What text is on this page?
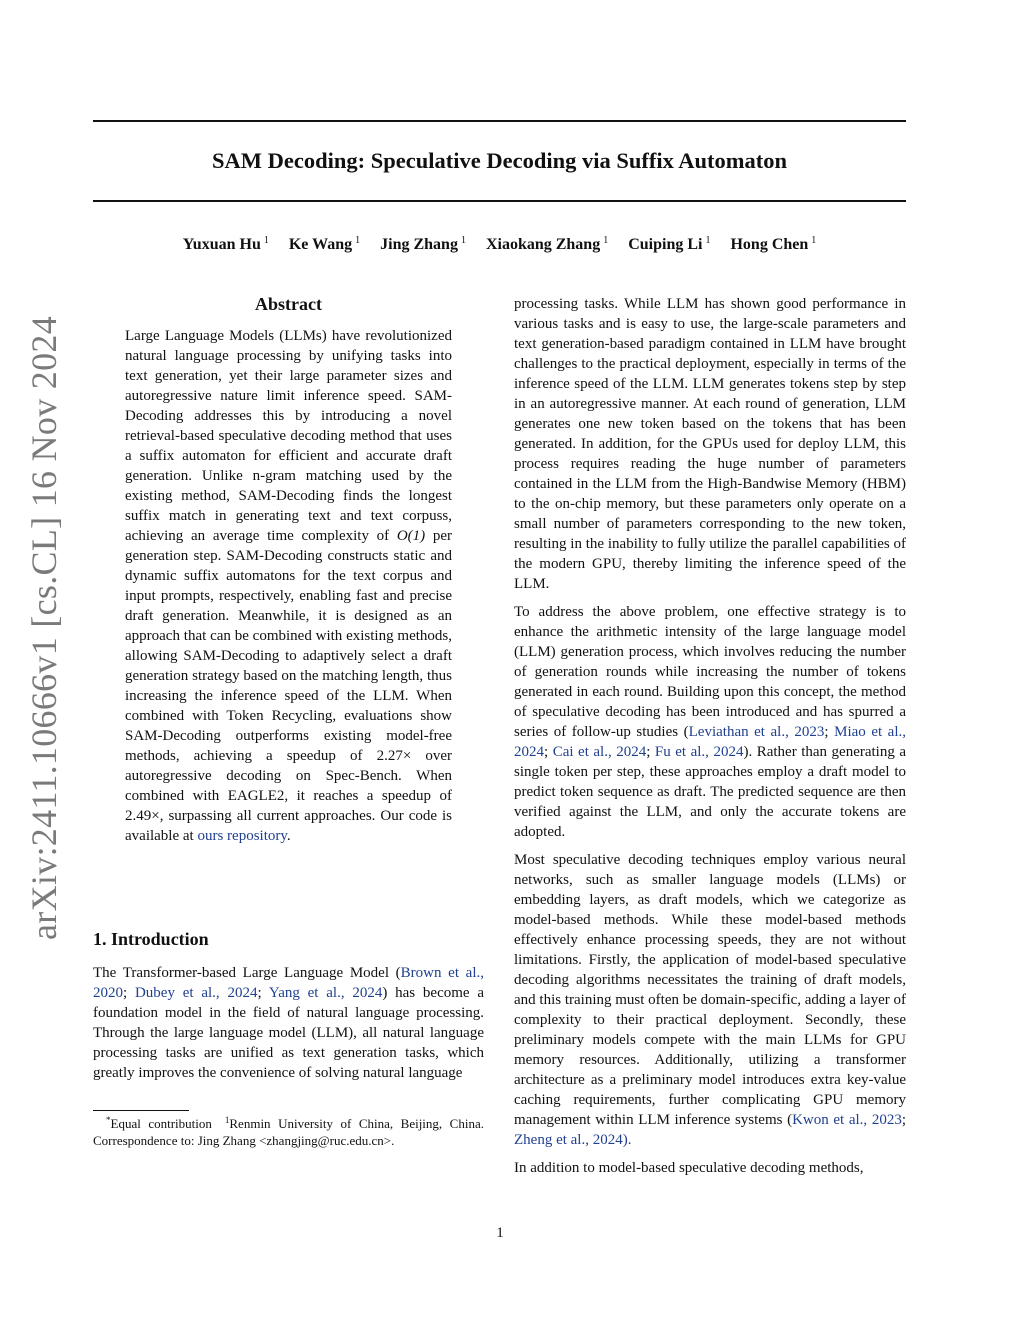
SAM Decoding: Speculative Decoding via Suffix Automaton
Yuxuan Hu $^1$ Ke Wang $^1$ Jing Zhang $^1$ Xiaokang Zhang $^1$ Cuiping Li $^1$ Hong Chen $^1$
arXiv:2411.10666v1 [cs.CL] 16 Nov 2024
Abstract
Large Language Models (LLMs) have revolutionized natural language processing by unifying tasks into text generation, yet their large parameter sizes and autoregressive nature limit inference speed. SAM-Decoding addresses this by introducing a novel retrieval-based speculative decoding method that uses a suffix automaton for efficient and accurate draft generation. Unlike n-gram matching used by the existing method, SAM-Decoding finds the longest suffix match in generating text and text corpuss, achieving an average time complexity of O(1) per generation step. SAM-Decoding constructs static and dynamic suffix automatons for the text corpus and input prompts, respectively, enabling fast and precise draft generation. Meanwhile, it is designed as an approach that can be combined with existing methods, allowing SAM-Decoding to adaptively select a draft generation strategy based on the matching length, thus increasing the inference speed of the LLM. When combined with Token Recycling, evaluations show SAM-Decoding outperforms existing model-free methods, achieving a speedup of 2.27× over autoregressive decoding on Spec-Bench. When combined with EAGLE2, it reaches a speedup of 2.49×, surpassing all current approaches. Our code is available at ours repository.
1. Introduction
The Transformer-based Large Language Model (Brown et al., 2020; Dubey et al., 2024; Yang et al., 2024) has become a foundation model in the field of natural language processing. Through the large language model (LLM), all natural language processing tasks are unified as text generation tasks, which greatly improves the convenience of solving natural language
 *Equal contribution  $^1$Renmin University of China, Beijing, China. Correspondence to: Jing Zhang <zhangjing@ruc.edu.cn>.

processing tasks. While LLM has shown good performance in various tasks and is easy to use, the large-scale parameters and text generation-based paradigm contained in LLM have brought challenges to the practical deployment, especially in terms of the inference speed of the LLM. LLM generates tokens step by step in an autoregressive manner. At each round of generation, LLM generates one new token based on the tokens that has been generated. In addition, for the GPUs used for deploy LLM, this process requires reading the huge number of parameters contained in the LLM from the High-Bandwise Memory (HBM) to the on-chip memory, but these parameters only operate on a small number of parameters corresponding to the new token, resulting in the inability to fully utilize the parallel capabilities of the modern GPU, thereby limiting the inference speed of the LLM.

To address the above problem, one effective strategy is to enhance the arithmetic intensity of the large language model (LLM) generation process, which involves reducing the number of generation rounds while increasing the number of tokens generated in each round. Building upon this concept, the method of speculative decoding has been introduced and has spurred a series of follow-up studies (Leviathan et al., 2023; Miao et al., 2024; Cai et al., 2024; Fu et al., 2024). Rather than generating a single token per step, these approaches employ a draft model to predict token sequence as draft. The predicted sequence are then verified against the LLM, and only the accurate tokens are adopted.

Most speculative decoding techniques employ various neural networks, such as smaller language models (LLMs) or embedding layers, as draft models, which we categorize as model-based methods. While these model-based methods effectively enhance processing speeds, they are not without limitations. Firstly, the application of model-based speculative decoding algorithms necessitates the training of draft models, and this training must often be domain-specific, adding a layer of complexity to their practical deployment. Secondly, these preliminary models compete with the main LLMs for GPU memory resources. Additionally, utilizing a transformer architecture as a preliminary model introduces extra key-value caching requirements, further complicating GPU memory management within LLM inference systems (Kwon et al., 2023; Zheng et al., 2024).

In addition to model-based speculative decoding methods,

1
